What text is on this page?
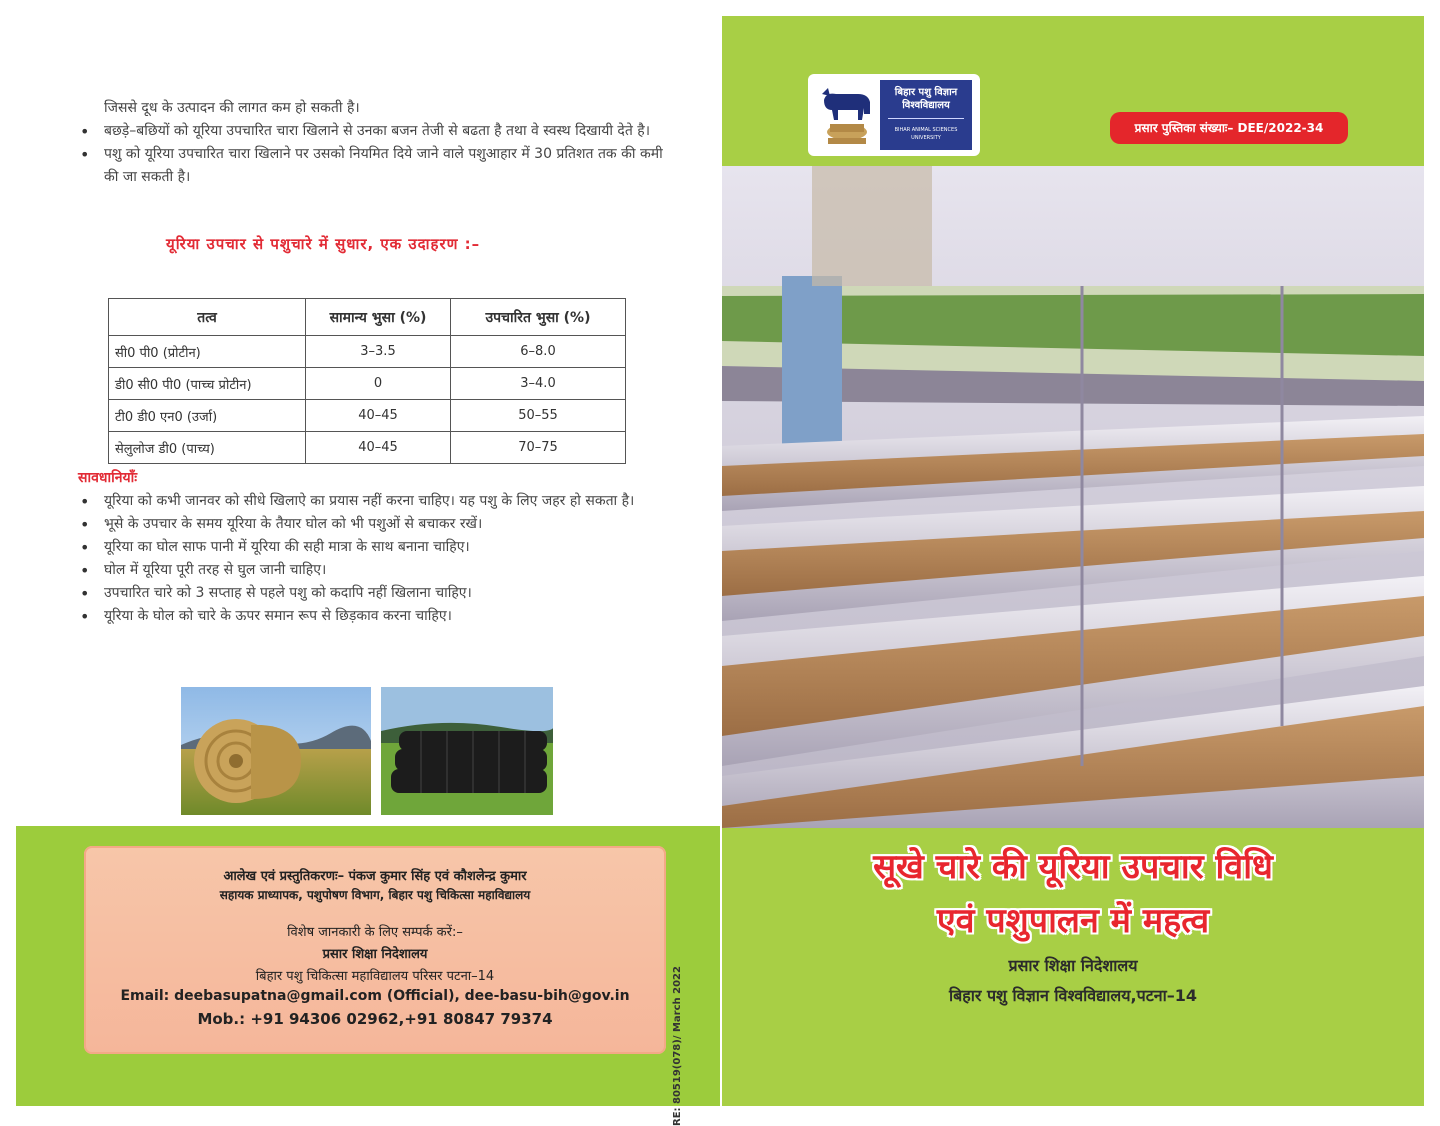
जिससे दूध के उत्पादन की लागत कम हो सकती है।
• बछड़े–बछियों को यूरिया उपचारित चारा खिलाने से उनका बजन तेजी से बढता है तथा वे स्वस्थ दिखायी देते है।
• पशु को यूरिया उपचारित चारा खिलाने पर उसको नियमित दिये जाने वाले पशुआहार में 30 प्रतिशत तक की कमी की जा सकती है।
यूरिया उपचार से पशुचारे में सुधार, एक उदाहरण :–
तत्व	सामान्य भुसा (%)	उपचारित भुसा (%)
सी0 पी0 (प्रोटीन)	3–3.5	6–8.0
डी0 सी0 पी0 (पाच्च प्रोटीन)	0	3–4.0
टी0 डी0 एन0 (उर्जा)	40–45	50–55
सेलुलोज डी0 (पाच्य)	40–45	70–75
सावधानियाँः
• यूरिया को कभी जानवर को सीधे खिलाऐ का प्रयास नहीं करना चाहिए। यह पशु के लिए जहर हो सकता है।
• भूसे के उपचार के समय यूरिया के तैयार घोल को भी पशुओं से बचाकर रखें।
• यूरिया का घोल साफ पानी में यूरिया की सही मात्रा के साथ बनाना चाहिए।
• घोल में यूरिया पूरी तरह से घुल जानी चाहिए।
• उपचारित चारे को 3 सप्ताह से पहले पशु को कदापि नहीं खिलाना चाहिए।
• यूरिया के घोल को चारे के ऊपर समान रूप से छिड़काव करना चाहिए।
आलेख एवं प्रस्तुतिकरणः– पंकज कुमार सिंह एवं कौशलेन्द्र कुमार
सहायक प्राध्यापक, पशुपोषण विभाग, बिहार पशु चिकित्सा महाविद्यालय
विशेष जानकारी के लिए सम्पर्क करें:–
प्रसार शिक्षा निदेशालय
बिहार पशु चिकित्सा महाविद्यालय परिसर पटना–14
Email: deebasupatna@gmail.com (Official), dee-basu-bih@gov.in
Mob.: +91 94306 02962,+91 80847 79374	RE: 80519(078)/ March 2022
बिहार पशु विज्ञान विश्वविद्यालय
BIHAR ANIMAL SCIENCES UNIVERSITY
प्रसार पुस्तिका संख्याः– DEE/2022-34
सूखे चारे की यूरिया उपचार विधि
एवं पशुपालन में महत्व
प्रसार शिक्षा निदेशालय
बिहार पशु विज्ञान विश्वविद्यालय,पटना–14
